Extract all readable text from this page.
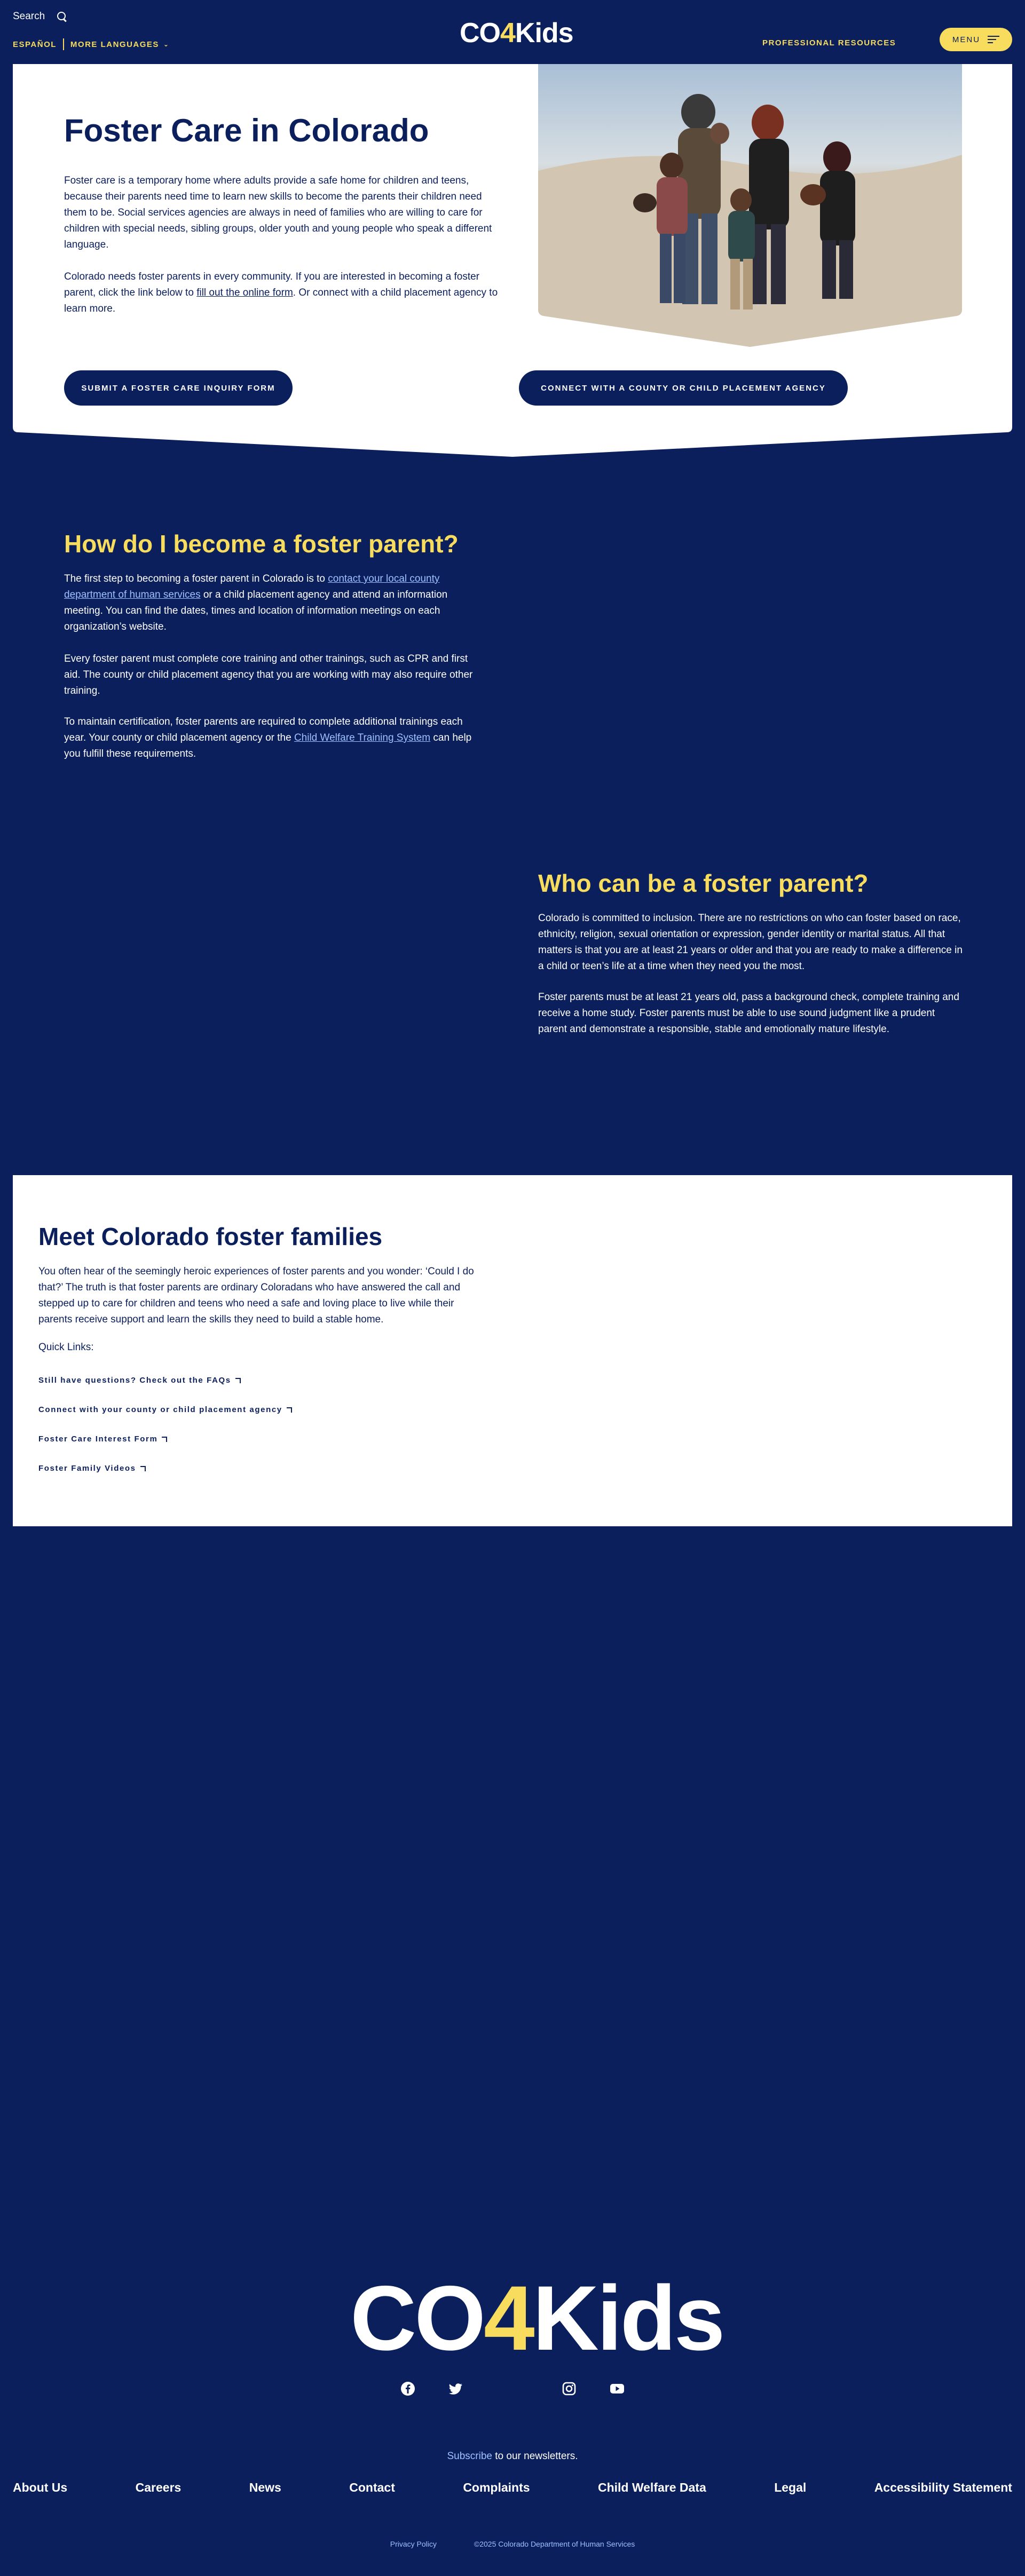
Search
ESPAÑOL MORE LANGUAGES ⌄	CO4Kids	PROFESSIONAL RESOURCES	MENU
Foster Care in Colorado

Foster care is a temporary home where adults provide a safe home for children and teens, because their parents need time to learn new skills to become the parents their children need them to be. Social services agencies are always in need of families who are willing to care for children with special needs, sibling groups, older youth and young people who speak a different language.

Colorado needs foster parents in every community. If you are interested in becoming a foster parent, click the link below to fill out the online form. Or connect with a child placement agency to learn more.

SUBMIT A FOSTER CARE INQUIRY FORM	CONNECT WITH A COUNTY OR CHILD PLACEMENT AGENCY
How do I become a foster parent?

The first step to becoming a foster parent in Colorado is to contact your local county department of human services or a child placement agency and attend an information meeting. You can find the dates, times and location of information meetings on each organization’s website.

Every foster parent must complete core training and other trainings, such as CPR and first aid. The county or child placement agency that you are working with may also require other training.

To maintain certification, foster parents are required to complete additional trainings each year. Your county or child placement agency or the Child Welfare Training System can help you fulfill these requirements.

Who can be a foster parent?

Colorado is committed to inclusion. There are no restrictions on who can foster based on race, ethnicity, religion, sexual orientation or expression, gender identity or marital status. All that matters is that you are at least 21 years or older and that you are ready to make a difference in a child or teen’s life at a time when they need you the most.

Foster parents must be at least 21 years old, pass a background check, complete training and receive a home study. Foster parents must be able to use sound judgment like a prudent parent and demonstrate a responsible, stable and emotionally mature lifestyle.

Meet Colorado foster families

You often hear of the seemingly heroic experiences of foster parents and you wonder: ‘Could I do that?’ The truth is that foster parents are ordinary Coloradans who have answered the call and stepped up to care for children and teens who need a safe and loving place to live while their parents receive support and learn the skills they need to build a stable home.

Quick Links:
Still have questions? Check out the FAQs
Connect with your county or child placement agency
Foster Care Interest Form
Foster Family Videos
CO4Kids
Subscribe to our newsletters.
About Us	Careers	News	Contact	Complaints	Child Welfare Data	Legal	Accessibility Statement
Privacy Policy	©2025 Colorado Department of Human Services
